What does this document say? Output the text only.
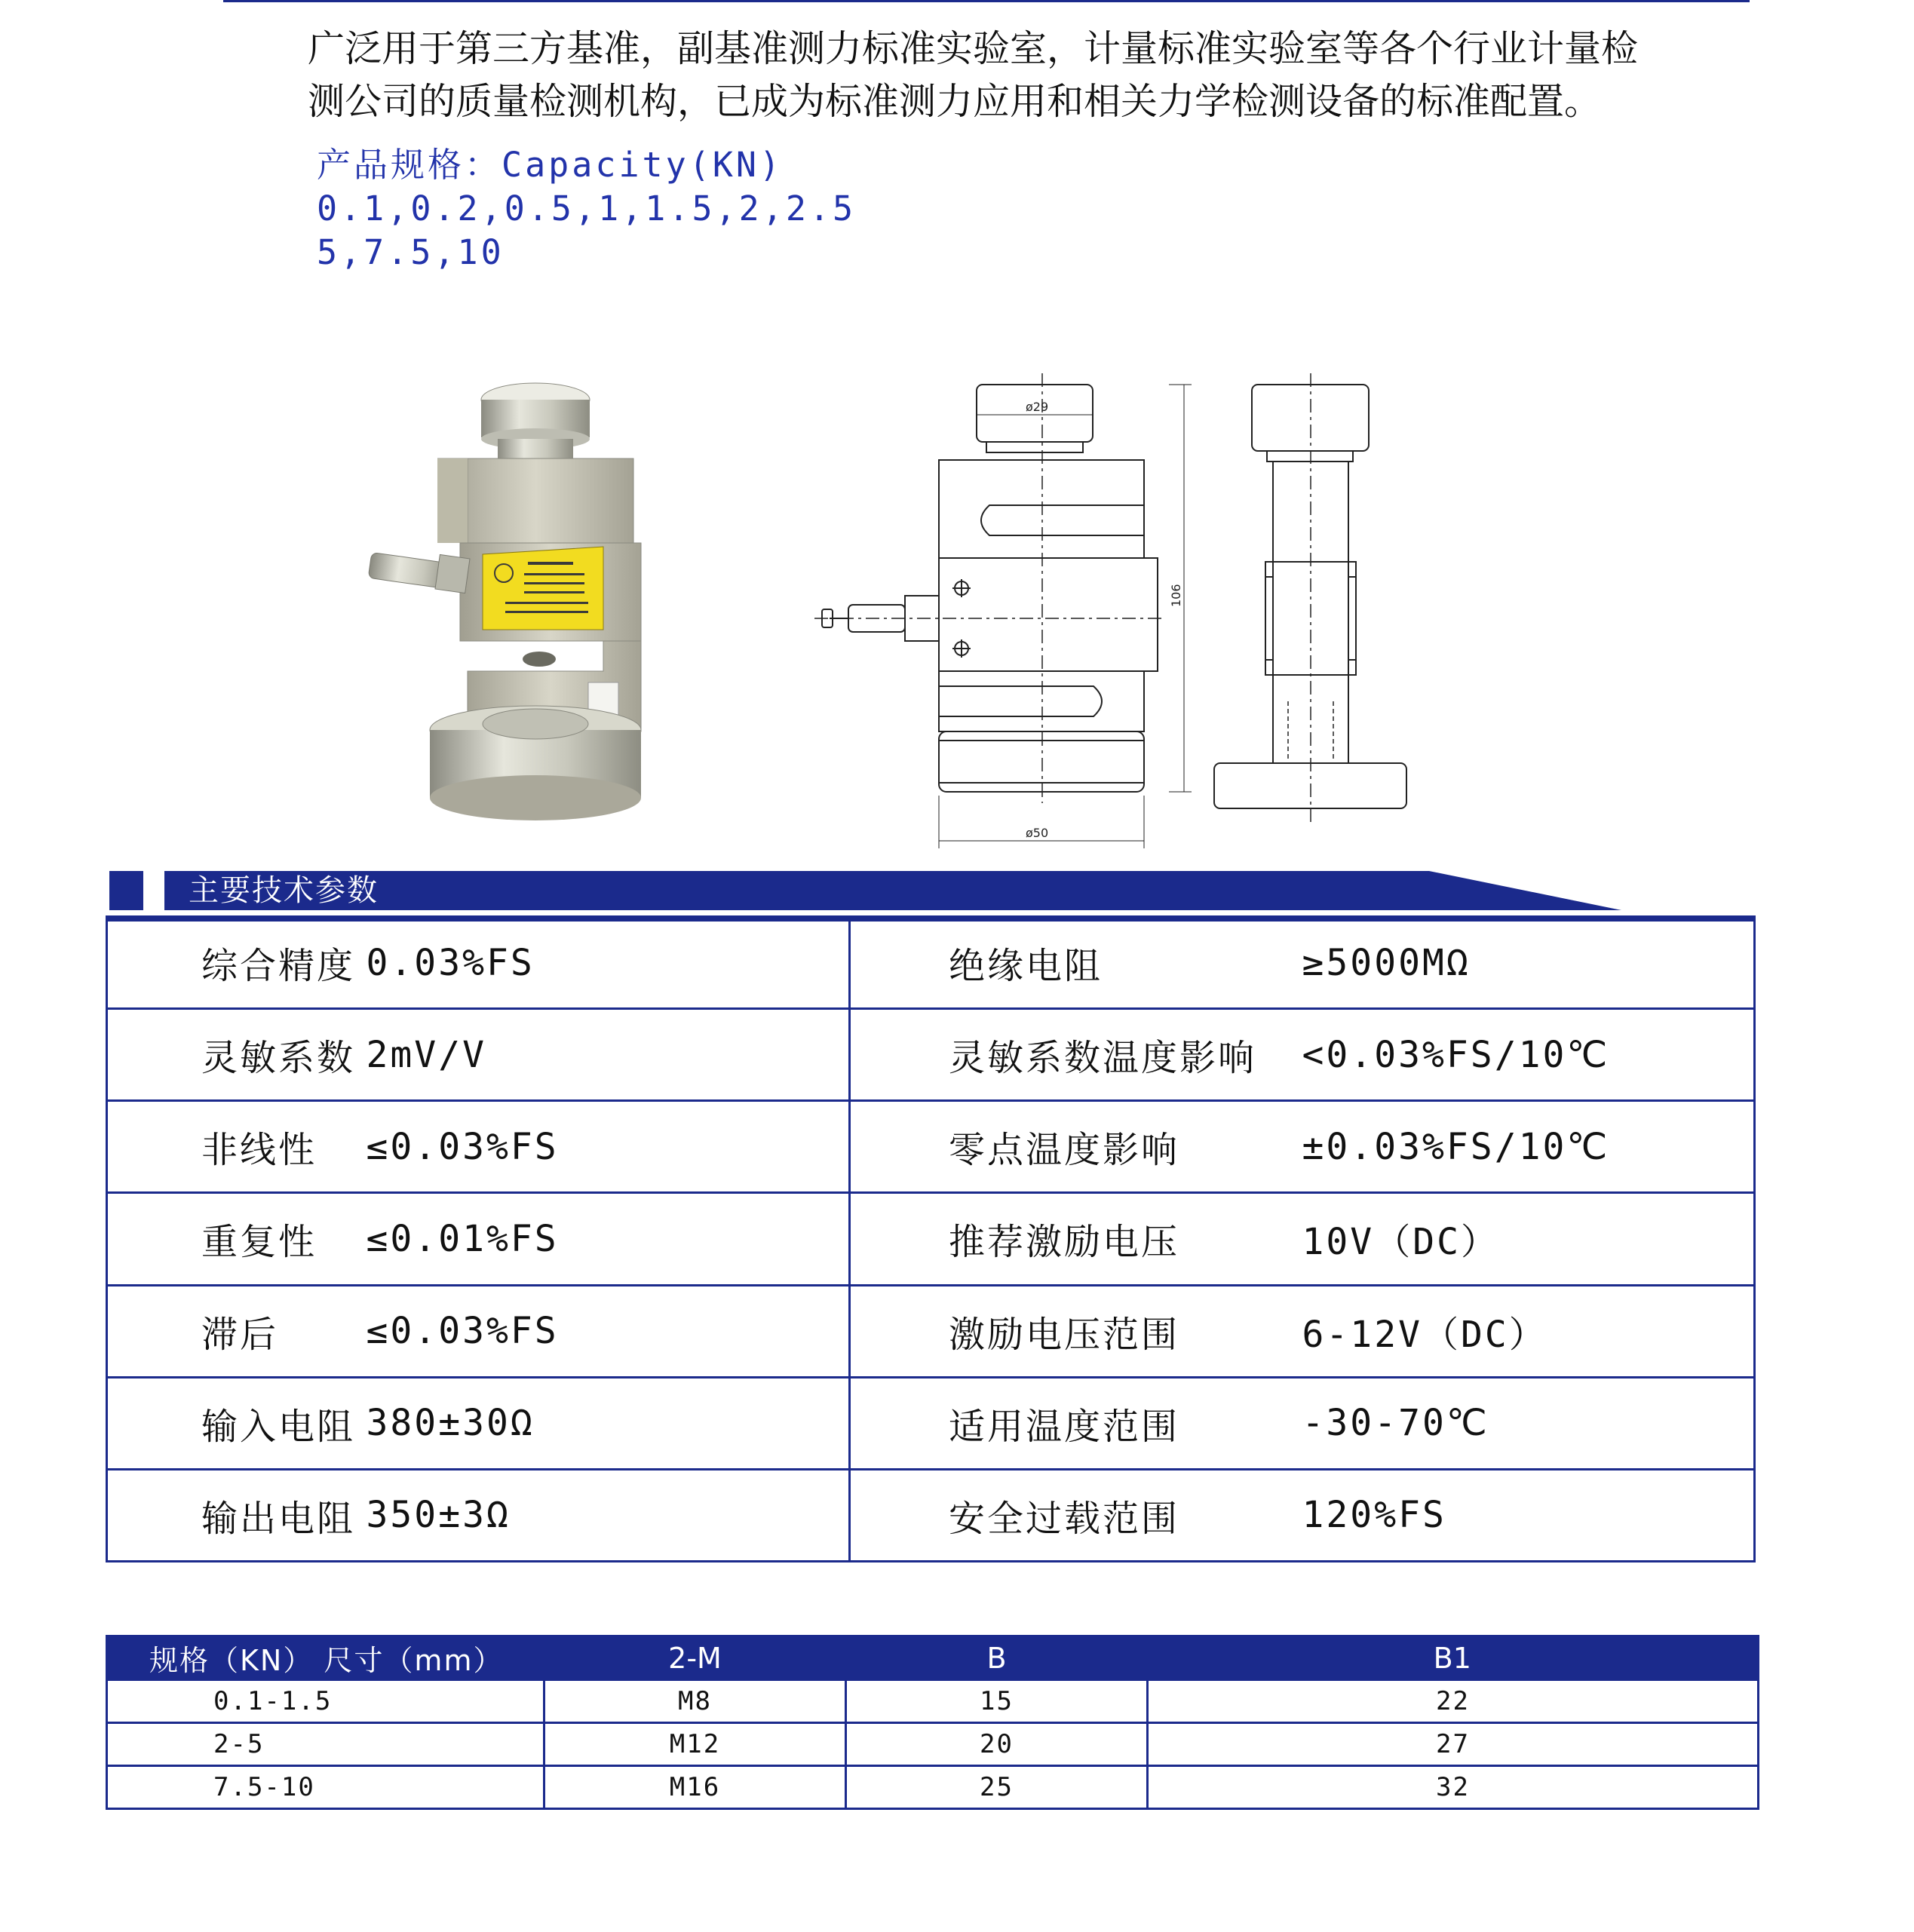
广泛用于第三方基准，副基准测力标准实验室，计量标准实验室等各个行业计量检
测公司的质量检测机构，已成为标准测力应用和相关力学检测设备的标准配置。
产品规格：Capacity(KN)
0.1,0.2,0.5,1,1.5,2,2.5
5,7.5,10
ø29
ø50
106
主要技术参数
综合精度	0.03%FS	绝缘电阻	≥5000MΩ
灵敏系数	2mV/V	灵敏系数温度影响	<0.03%FS/10℃
非线性	≤0.03%FS	零点温度影响	±0.03%FS/10℃
重复性	≤0.01%FS	推荐激励电压	10V（DC）
滞后	≤0.03%FS	激励电压范围	6-12V（DC）
输入电阻	380±30Ω	适用温度范围	-30-70℃
输出电阻	350±3Ω	安全过载范围	120%FS
规格（KN） 尺寸（mm）	2-M	B	B1
0.1-1.5	M8	15	22
2-5	M12	20	27
7.5-10	M16	25	32
